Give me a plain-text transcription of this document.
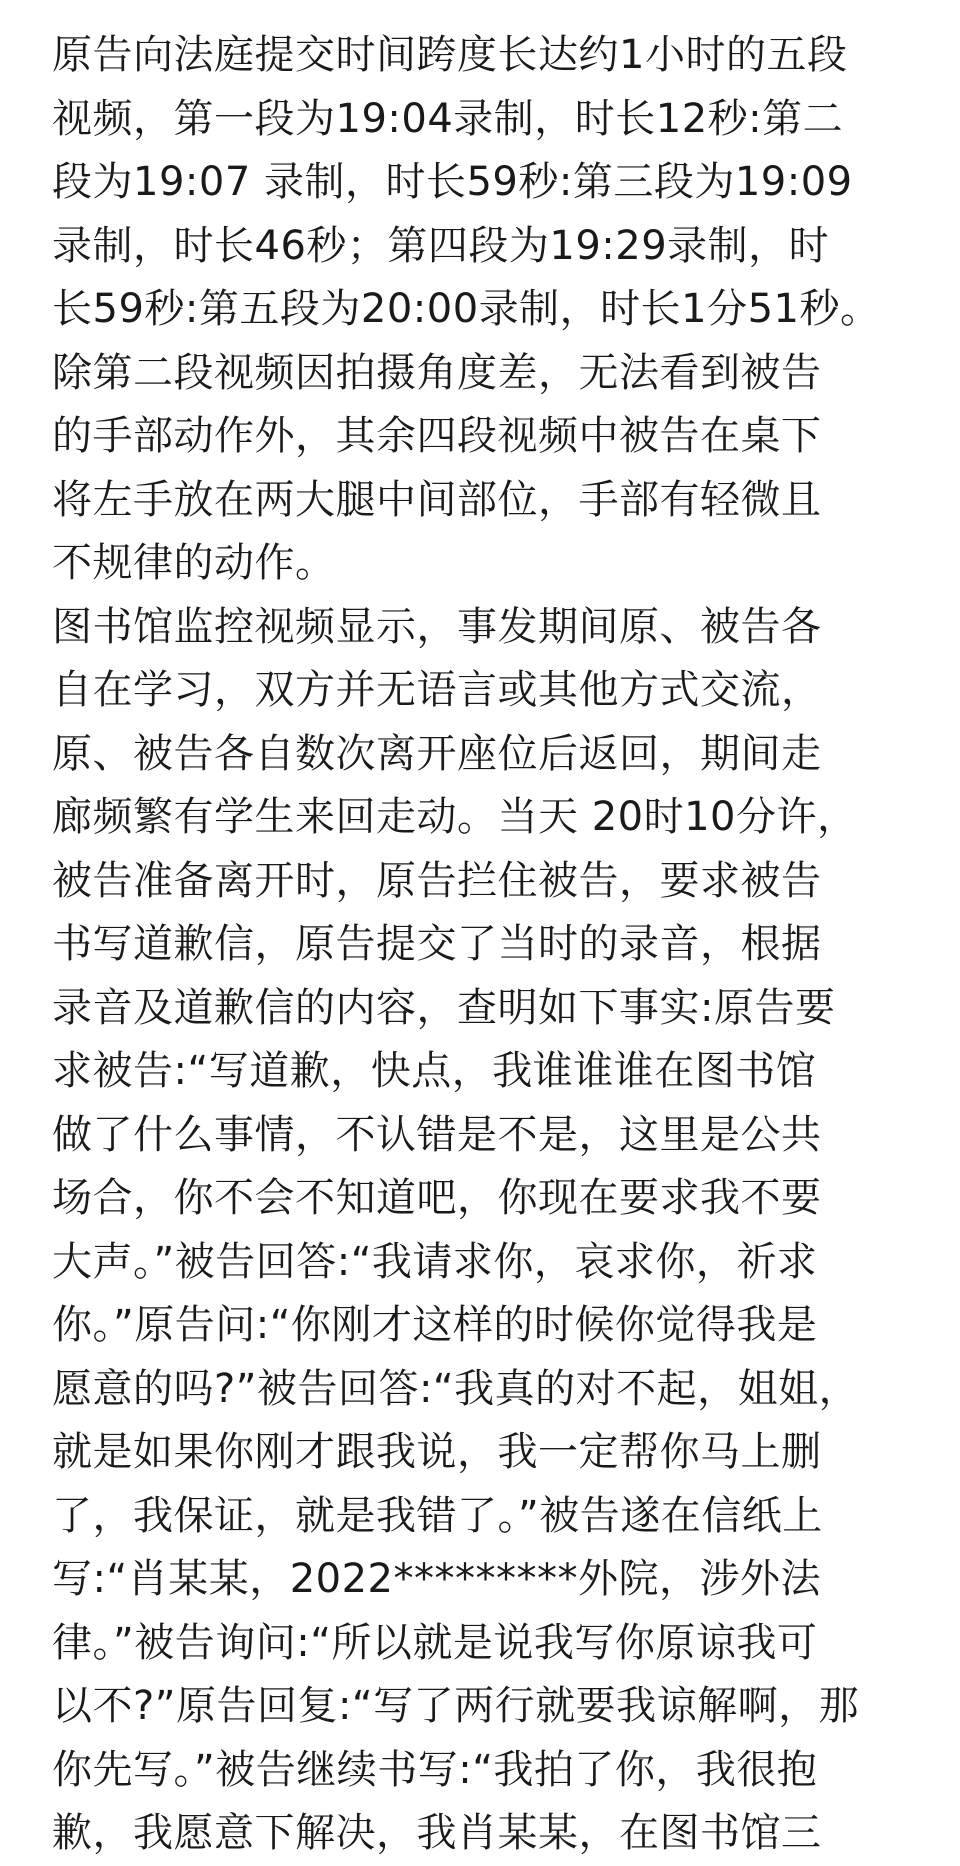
原告向法庭提交时间跨度长达约1小时的五段
视频，第一段为19:04录制，时长12秒:第二
段为19:07 录制，时长59秒:第三段为19:09
录制，时长46秒；第四段为19:29录制，时
长59秒:第五段为20:00录制，时长1分51秒。
除第二段视频因拍摄角度差，无法看到被告
的手部动作外，其余四段视频中被告在桌下
将左手放在两大腿中间部位，手部有轻微且
不规律的动作。
图书馆监控视频显示，事发期间原、被告各
自在学习，双方并无语言或其他方式交流，
原、被告各自数次离开座位后返回，期间走
廊频繁有学生来回走动。当天 20时10分许，
被告准备离开时，原告拦住被告，要求被告
书写道歉信，原告提交了当时的录音，根据
录音及道歉信的内容，查明如下事实:原告要
求被告:“写道歉，快点，我谁谁谁在图书馆
做了什么事情，不认错是不是，这里是公共
场合，你不会不知道吧，你现在要求我不要
大声。”被告回答:“我请求你，哀求你，祈求
你。”原告问:“你刚才这样的时候你觉得我是
愿意的吗?”被告回答:“我真的对不起，姐姐，
就是如果你刚才跟我说，我一定帮你马上删
了，我保证，就是我错了。”被告遂在信纸上
写:“肖某某，2022*********外院，涉外法
律。”被告询问:“所以就是说我写你原谅我可
以不?”原告回复:“写了两行就要我谅解啊，那
你先写。”被告继续书写:“我拍了你，我很抱
歉，我愿意下解决，我肖某某，在图书馆三
